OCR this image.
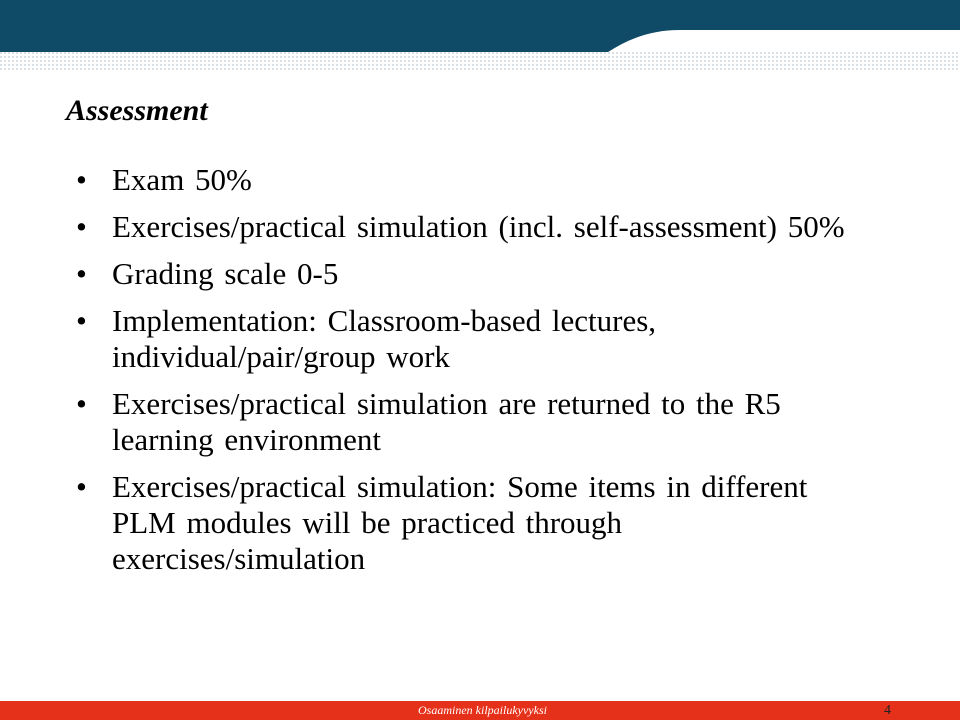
Assessment
• Exam 50%
• Exercises/practical simulation (incl. self-assessment) 50%
• Grading scale 0-5
• Implementation: Classroom-based lectures, individual/pair/group work
• Exercises/practical simulation are returned to the R5 learning environment
• Exercises/practical simulation: Some items in different PLM modules will be practiced through exercises/simulation
Osaaminen kilpailukyvyksi	4
